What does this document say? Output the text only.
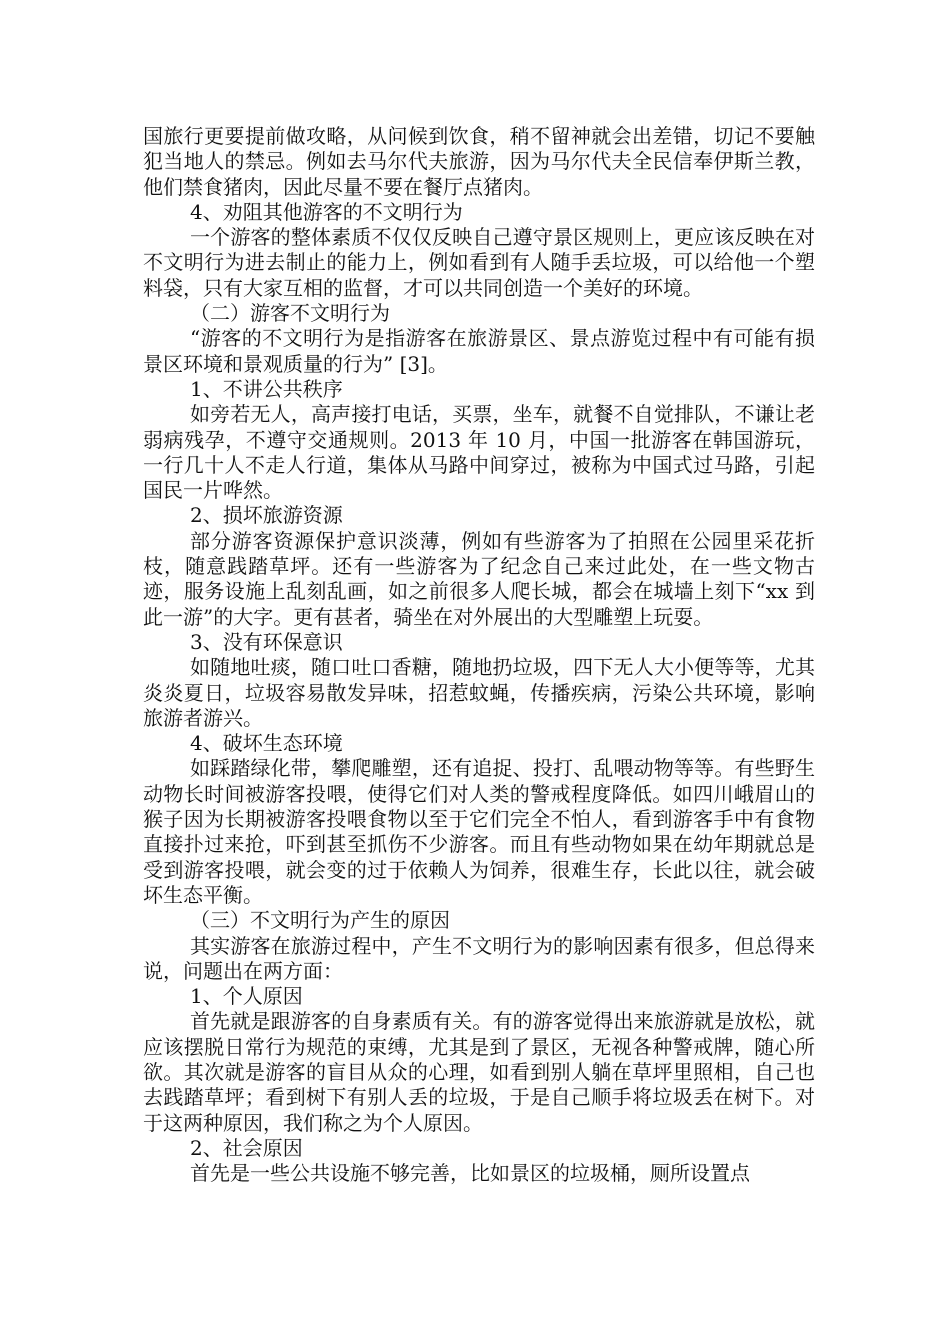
国旅行更要提前做攻略，从问候到饮食，稍不留神就会出差错，切记不要触犯当地人的禁忌。例如去马尔代夫旅游，因为马尔代夫全民信奉伊斯兰教，他们禁食猪肉，因此尽量不要在餐厅点猪肉。

4、劝阻其他游客的不文明行为

一个游客的整体素质不仅仅反映自己遵守景区规则上，更应该反映在对不文明行为进去制止的能力上，例如看到有人随手丢垃圾，可以给他一个塑料袋，只有大家互相的监督，才可以共同创造一个美好的环境。

（二）游客不文明行为

“游客的不文明行为是指游客在旅游景区、景点游览过程中有可能有损景区环境和景观质量的行为” [3]。

1、不讲公共秩序

如旁若无人，高声接打电话，买票，坐车，就餐不自觉排队，不谦让老弱病残孕，不遵守交通规则。2013 年 10 月，中国一批游客在韩国游玩，一行几十人不走人行道，集体从马路中间穿过，被称为中国式过马路，引起国民一片哗然。

2、损坏旅游资源

部分游客资源保护意识淡薄，例如有些游客为了拍照在公园里采花折枝，随意践踏草坪。还有一些游客为了纪念自己来过此处，在一些文物古迹，服务设施上乱刻乱画，如之前很多人爬长城，都会在城墙上刻下“xx 到此一游”的大字。更有甚者，骑坐在对外展出的大型雕塑上玩耍。

3、没有环保意识

如随地吐痰，随口吐口香糖，随地扔垃圾，四下无人大小便等等，尤其炎炎夏日，垃圾容易散发异味，招惹蚊蝇，传播疾病，污染公共环境，影响旅游者游兴。

4、破坏生态环境

如踩踏绿化带，攀爬雕塑，还有追捉、投打、乱喂动物等等。有些野生动物长时间被游客投喂，使得它们对人类的警戒程度降低。如四川峨眉山的猴子因为长期被游客投喂食物以至于它们完全不怕人，看到游客手中有食物直接扑过来抢，吓到甚至抓伤不少游客。而且有些动物如果在幼年期就总是受到游客投喂，就会变的过于依赖人为饲养，很难生存，长此以往，就会破坏生态平衡。

（三）不文明行为产生的原因

其实游客在旅游过程中，产生不文明行为的影响因素有很多，但总得来说，问题出在两方面：

1、个人原因

首先就是跟游客的自身素质有关。有的游客觉得出来旅游就是放松，就应该摆脱日常行为规范的束缚，尤其是到了景区，无视各种警戒牌，随心所欲。其次就是游客的盲目从众的心理，如看到别人躺在草坪里照相，自己也去践踏草坪；看到树下有别人丢的垃圾，于是自己顺手将垃圾丢在树下。对于这两种原因，我们称之为个人原因。

2、社会原因

首先是一些公共设施不够完善，比如景区的垃圾桶，厕所设置点
